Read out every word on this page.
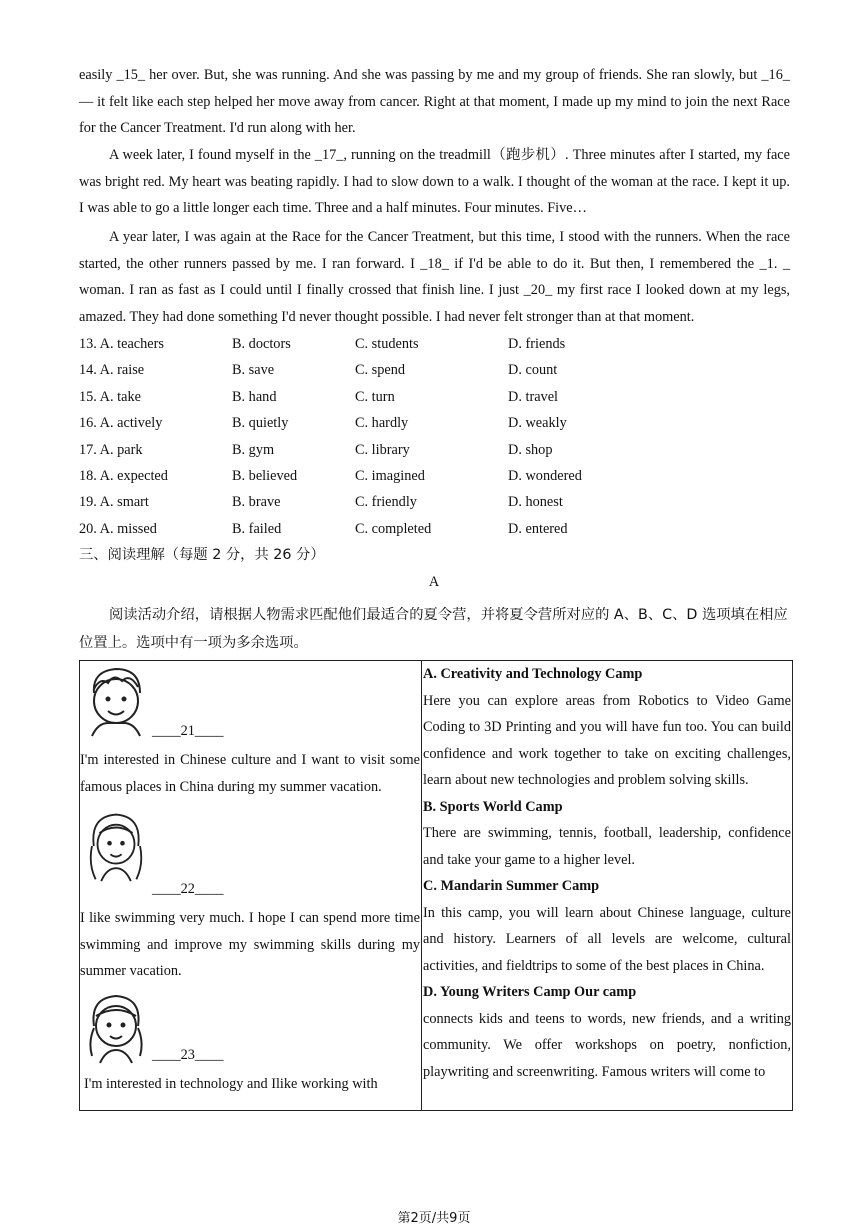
easily _15_ her over. But, she was running. And she was passing by me and my group of friends. She ran slowly, but _16_— it felt like each step helped her move away from cancer. Right at that moment, I made up my mind to join the next Race for the Cancer Treatment. I'd run along with her.

A week later, I found myself in the _17_, running on the treadmill（跑步机）. Three minutes after I started, my face was bright red. My heart was beating rapidly. I had to slow down to a walk. I thought of the woman at the race. I kept it up. I was able to go a little longer each time. Three and a half minutes. Four minutes. Five…

A year later, I was again at the Race for the Cancer Treatment, but this time, I stood with the runners. When the race started, the other runners passed by me. I ran forward. I _18_ if I'd be able to do it. But then, I remembered the _1. _ woman. I ran as fast as I could until I finally crossed that finish line. I just _20_ my first race I looked down at my legs, amazed. They had done something I'd never thought possible. I had never felt stronger than at that moment.

13. A. teachers	B. doctors	C. students	D. friends
14. A. raise	B. save	C. spend	D. count
15. A. take	B. hand	C. turn	D. travel
16. A. actively	B. quietly	C. hardly	D. weakly
17. A. park	B. gym	C. library	D. shop
18. A. expected	B. believed	C. imagined	D. wondered
19. A. smart	B. brave	C. friendly	D. honest
20. A. missed	B. failed	C. completed	D. entered
三、阅读理解（每题 2 分，共 26 分）
A

阅读活动介绍，请根据人物需求匹配他们最适合的夏令营，并将夏令营所对应的 A、B、C、D 选项填在相应位置上。选项中有一项为多余选项。

____21____
I'm interested in Chinese culture and I want to visit some famous places in China during my summer vacation.
____22____
I like swimming very much. I hope I can spend more time swimming and improve my swimming skills during my summer vacation.
____23____
I'm interested in technology and Ilike working with

A. Creativity and Technology Camp
Here you can explore areas from Robotics to Video Game Coding to 3D Printing and you will have fun too. You can build confidence and work together to take on exciting challenges, learn about new technologies and problem solving skills.
B. Sports World Camp
There are swimming, tennis, football, leadership, confidence and take your game to a higher level.
C. Mandarin Summer Camp
In this camp, you will learn about Chinese language, culture and history. Learners of all levels are welcome, cultural activities, and fieldtrips to some of the best places in China.
D. Young Writers Camp Our camp
connects kids and teens to words, new friends, and a writing community. We offer workshops on poetry, nonfiction, playwriting and screenwriting. Famous writers will come to
第2页/共9页
